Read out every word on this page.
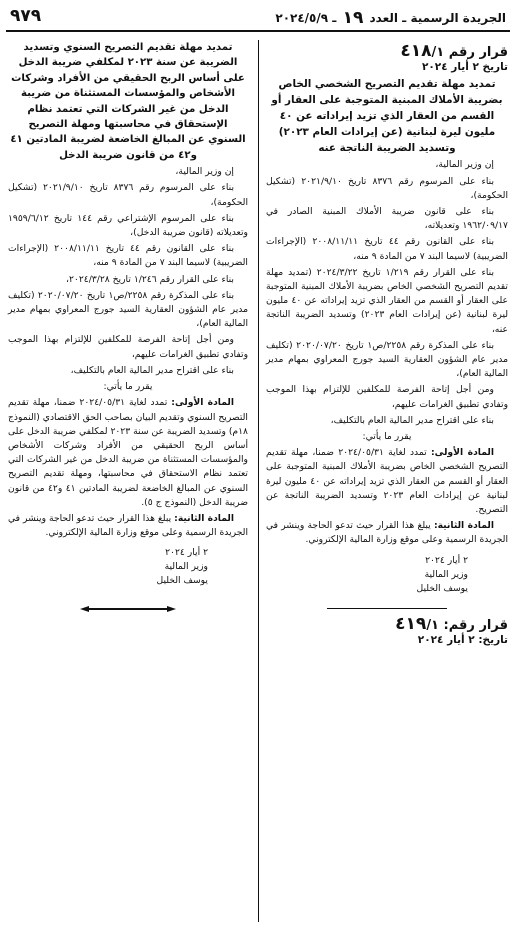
الجريدة الرسمية ـ العدد ١٩ ـ ٢٠٢٤/٥/٩
٩٧٩
قرار رقم ٤١٨/١

تاريخ ٢ أيار ٢٠٢٤

تمديد مهلة تقديم التصريح الشخصي الخاص بضريبة الأملاك المبنية المتوجبة على العقار أو القسم من العقار الذي تزيد إيراداته عن ٤٠ مليون ليرة لبنانية (عن إيرادات العام ٢٠٢٣) وتسديد الضريبة الناتجة عنه

إن وزير المالية،

بناء على المرسوم رقم ٨٣٧٦ تاريخ ٢٠٢١/٩/١٠ (تشكيل الحكومة)،

بناء على قانون ضريبة الأملاك المبنية الصادر في ١٩٦٢/٠٩/١٧ وتعديلاته،

بناء على القانون رقم ٤٤ تاريخ ٢٠٠٨/١١/١١ (الإجراءات الضريبية) لاسيما البند ٧ من المادة ٩ منه،

بناء على القرار رقم ١/٢١٩ تاريخ ٢٠٢٤/٣/٢٢ (تمديد مهلة تقديم التصريح الشخصي الخاص بضريبة الأملاك المبنية المتوجبة على العقار أو القسم من العقار الذي تزيد إيراداته عن ٤٠ مليون ليرة لبنانية (عن إيرادات العام ٢٠٢٣) وتسديد الضريبة الناتجة عنه،

بناء على المذكرة رقم ٢٢٥٨/ص١ تاريخ ٢٠٢٠/٠٧/٢٠ (تكليف مدير عام الشؤون العقارية السيد جورج المعراوي بمهام مدير المالية العام)،

ومن أجل إتاحة الفرصة للمكلفين للإلتزام بهذا الموجب وتفادي تطبيق الغرامات عليهم،

بناء على اقتراح مدير المالية العام بالتكليف،

يقرر ما يأتي:

المادة الأولى: تمدد لغاية ٢٠٢٤/٠٥/٣١ ضمنا، مهلة تقديم التصريح الشخصي الخاص بضريبة الأملاك المبنية المتوجبة على العقار أو القسم من العقار الذي تزيد إيراداته عن ٤٠ مليون ليرة لبنانية عن إيرادات العام ٢٠٢٣ وتسديد الضريبة الناتجة عن التصريح.

المادة الثانية: يبلغ هذا القرار حيث تدعو الحاجة وينشر في الجريدة الرسمية وعلى موقع وزارة المالية الإلكتروني.

٢ أيار ٢٠٢٤
وزير المالية
يوسف الخليل
قرار رقم: ٤١٩/١

تاريخ: ٢ أيار ٢٠٢٤

تمديد مهلة تقديم التصريح السنوي وتسديد الضريبة عن سنة ٢٠٢٣ لمكلفي ضريبة الدخل على أساس الربح الحقيقي من الأفراد وشركات الأشخاص والمؤسسات المستثناة من ضريبة الدخل من غير الشركات التي تعتمد نظام الإستحقاق في محاسبتها ومهلة التصريح السنوي عن المبالغ الخاضعة لضريبة المادتين ٤١ و٤٢ من قانون ضريبة الدخل

إن وزير المالية،

بناء على المرسوم رقم ٨٣٧٦ تاريخ ٢٠٢١/٩/١٠ (تشكيل الحكومة)،

بناء على المرسوم الإشتراعي رقم ١٤٤ تاريخ ١٩٥٩/٦/١٢ وتعديلاته (قانون ضريبة الدخل)،

بناء على القانون رقم ٤٤ تاريخ ٢٠٠٨/١١/١١ (الإجراءات الضريبية) لاسيما البند ٧ من المادة ٩ منه،

بناء على القرار رقم ١/٢٤٦ تاريخ ٢٠٢٤/٣/٢٨،

بناء على المذكرة رقم ٢٢٥٨/ص١ تاريخ ٢٠٢٠/٠٧/٢٠ (تكليف مدير عام الشؤون العقارية السيد جورج المعراوي بمهام مدير المالية العام)،

ومن أجل إتاحة الفرصة للمكلفين للإلتزام بهذا الموجب وتفادي تطبيق الغرامات عليهم،

بناء على اقتراح مدير المالية العام بالتكليف،

يقرر ما يأتي:

المادة الأولى: تمدد لغاية ٢٠٢٤/٠٥/٣١ ضمنا، مهلة تقديم التصريح السنوي وتقديم البيان بصاحب الحق الاقتصادي (النموذج ١٨م) وتسديد الضريبة عن سنة ٢٠٢٣ لمكلفي ضريبة الدخل على أساس الربح الحقيقي من الأفراد وشركات الأشخاص والمؤسسات المستثناة من ضريبة الدخل من غير الشركات التي تعتمد نظام الاستحقاق في محاسبتها، ومهلة تقديم التصريح السنوي عن المبالغ الخاضعة لضريبة المادتين ٤١ و٤٢ من قانون ضريبة الدخل (النموذج ج ٥).

المادة الثانية: يبلغ هذا القرار حيث تدعو الحاجة وينشر في الجريدة الرسمية وعلى موقع وزارة المالية الإلكتروني.

٢ أيار ٢٠٢٤
وزير المالية
يوسف الخليل
